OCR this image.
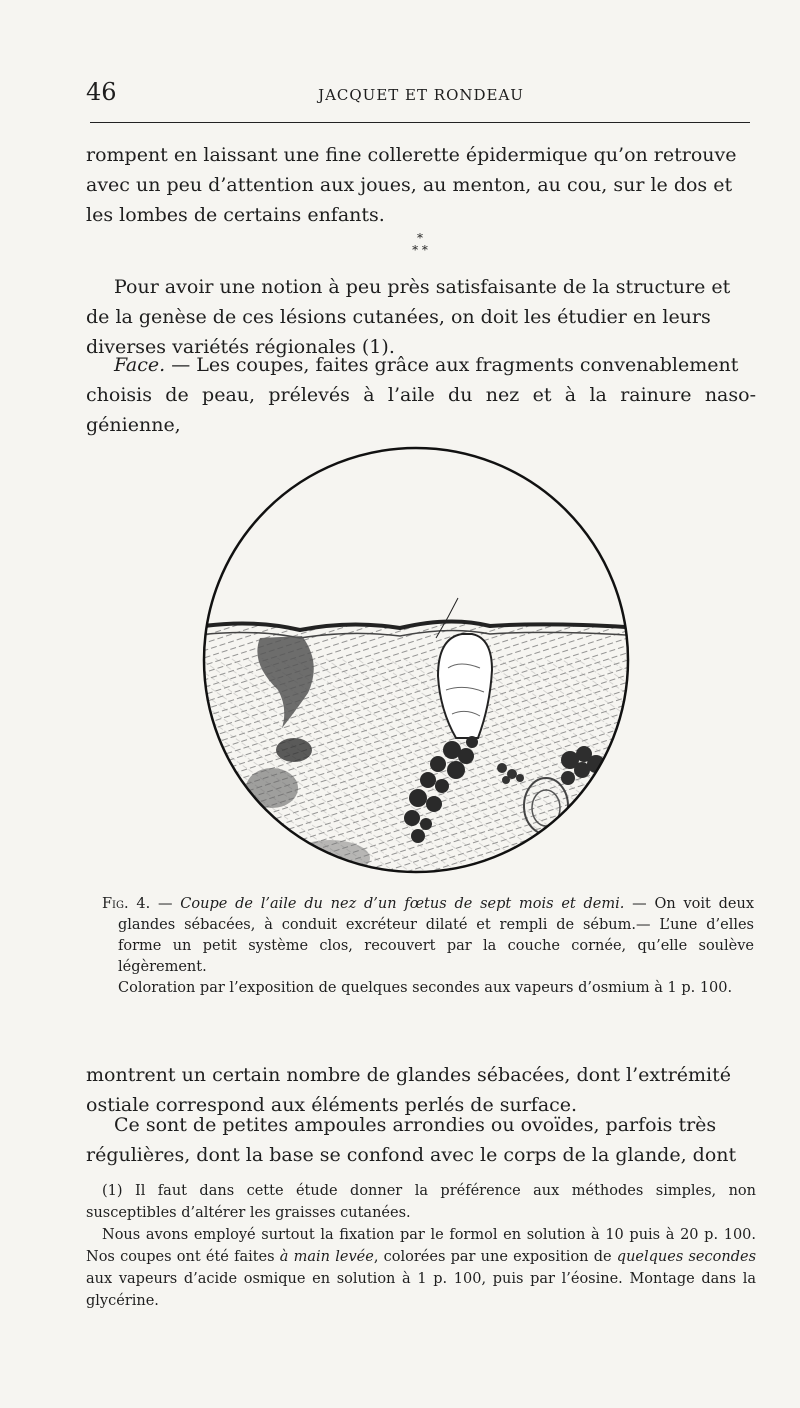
46	JACQUET ET RONDEAU

rompent en laissant une fine collerette épidermique qu’on retrouve

avec un peu d’attention aux joues, au menton, au cou, sur le dos et

les lombes de certains enfants.

*
* *

Pour avoir une notion à peu près satisfaisante de la structure et

de la genèse de ces lésions cutanées, on doit les étudier en leurs

diverses variétés régionales (1).

Face. — Les coupes, faites grâce aux fragments convenablement

choisis de peau, prélevés à l’aile du nez et à la rainure naso-génienne,

Fig. 4. — Coupe de l’aile du nez d’un fœtus de sept mois et demi. — On voit deux glandes sébacées, à conduit excréteur dilaté et rempli de sébum.— L’une d’elles forme un petit système clos, recouvert par la couche cornée, qu’elle soulève légèrement.

Coloration par l’exposition de quelques secondes aux vapeurs d’osmium à 1 p. 100.

montrent un certain nombre de glandes sébacées, dont l’extrémité

ostiale correspond aux éléments perlés de surface.

Ce sont de petites ampoules arrondies ou ovoïdes, parfois très

régulières, dont la base se confond avec le corps de la glande, dont

(1) Il faut dans cette étude donner la préférence aux méthodes simples, non susceptibles d’altérer les graisses cutanées.

Nous avons employé surtout la fixation par le formol en solution à 10 puis à 20 p. 100. Nos coupes ont été faites à main levée, colorées par une exposition de quelques secondes aux vapeurs d’acide osmique en solution à 1 p. 100, puis par l’éosine. Montage dans la glycérine.
